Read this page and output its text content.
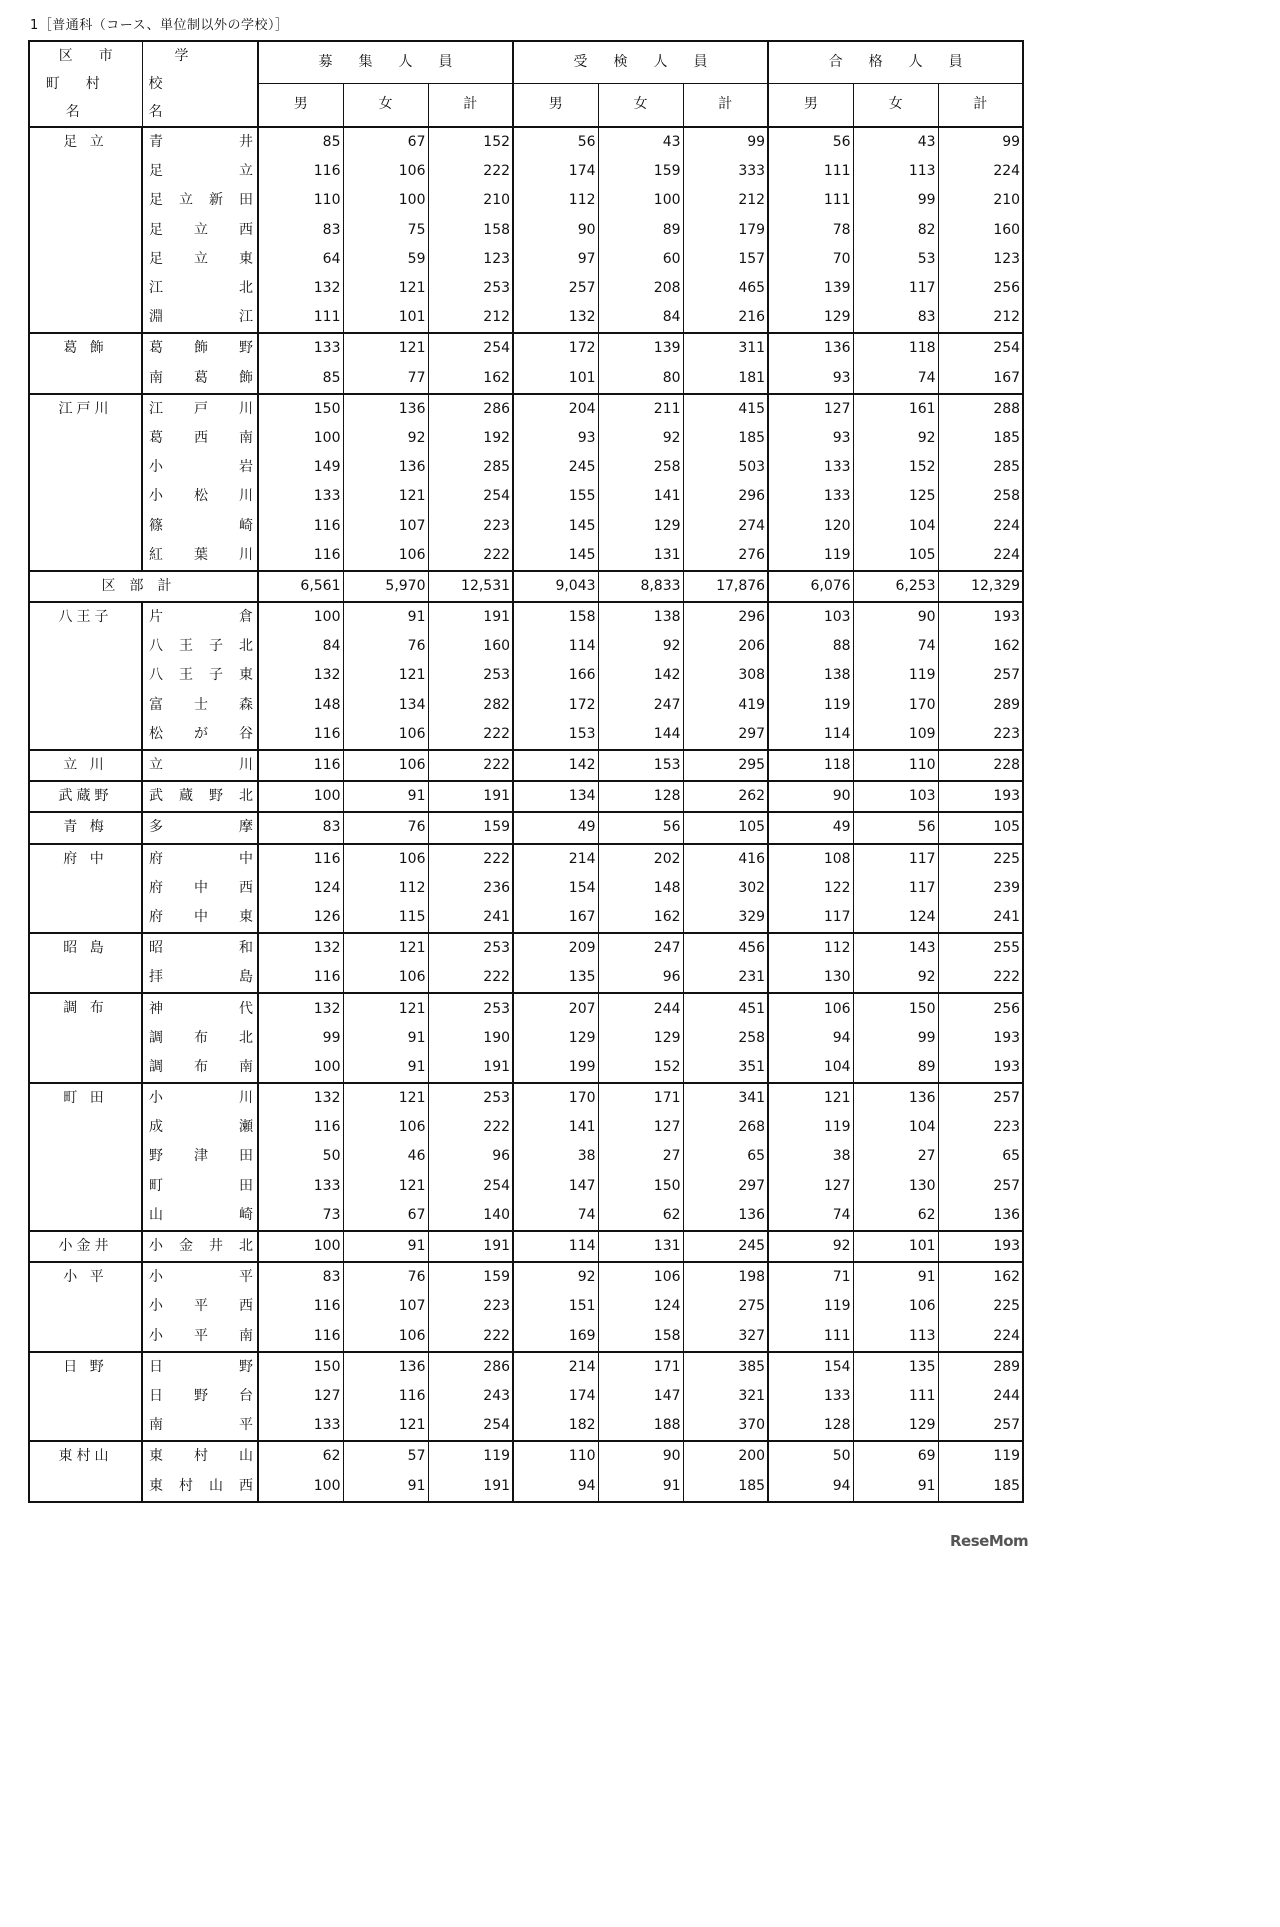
1［普通科（コース、単位制以外の学校）］
区市町村名	学　校　名	募集人員			受検人員			合格人員		
		男	女	計	男	女	計	男	女	計
足 立	青井	85	67	152	56	43	99	56	43	99
	足立	116	106	222	174	159	333	111	113	224
	足立新田	110	100	210	112	100	212	111	99	210
	足立西	83	75	158	90	89	179	78	82	160
	足立東	64	59	123	97	60	157	70	53	123
	江北	132	121	253	257	208	465	139	117	256
	淵江	111	101	212	132	84	216	129	83	212
葛 飾	葛飾野	133	121	254	172	139	311	136	118	254
	南葛飾	85	77	162	101	80	181	93	74	167
江戸川	江戸川	150	136	286	204	211	415	127	161	288
	葛西南	100	92	192	93	92	185	93	92	185
	小岩	149	136	285	245	258	503	133	152	285
	小松川	133	121	254	155	141	296	133	125	258
	篠崎	116	107	223	145	129	274	120	104	224
	紅葉川	116	106	222	145	131	276	119	105	224
区部計		6,561	5,970	12,531	9,043	8,833	17,876	6,076	6,253	12,329
八王子	片倉	100	91	191	158	138	296	103	90	193
	八王子北	84	76	160	114	92	206	88	74	162
	八王子東	132	121	253	166	142	308	138	119	257
	富士森	148	134	282	172	247	419	119	170	289
	松が谷	116	106	222	153	144	297	114	109	223
立 川	立川	116	106	222	142	153	295	118	110	228
武蔵野	武蔵野北	100	91	191	134	128	262	90	103	193
青 梅	多摩	83	76	159	49	56	105	49	56	105
府 中	府中	116	106	222	214	202	416	108	117	225
	府中西	124	112	236	154	148	302	122	117	239
	府中東	126	115	241	167	162	329	117	124	241
昭 島	昭和	132	121	253	209	247	456	112	143	255
	拝島	116	106	222	135	96	231	130	92	222
調 布	神代	132	121	253	207	244	451	106	150	256
	調布北	99	91	190	129	129	258	94	99	193
	調布南	100	91	191	199	152	351	104	89	193
町 田	小川	132	121	253	170	171	341	121	136	257
	成瀬	116	106	222	141	127	268	119	104	223
	野津田	50	46	96	38	27	65	38	27	65
	町田	133	121	254	147	150	297	127	130	257
	山崎	73	67	140	74	62	136	74	62	136
小金井	小金井北	100	91	191	114	131	245	92	101	193
小 平	小平	83	76	159	92	106	198	71	91	162
	小平西	116	107	223	151	124	275	119	106	225
	小平南	116	106	222	169	158	327	111	113	224
日 野	日野	150	136	286	214	171	385	154	135	289
	日野台	127	116	243	174	147	321	133	111	244
	南平	133	121	254	182	188	370	128	129	257
東村山	東村山	62	57	119	110	90	200	50	69	119
	東村山西	100	91	191	94	91	185	94	91	185
ReseMom
